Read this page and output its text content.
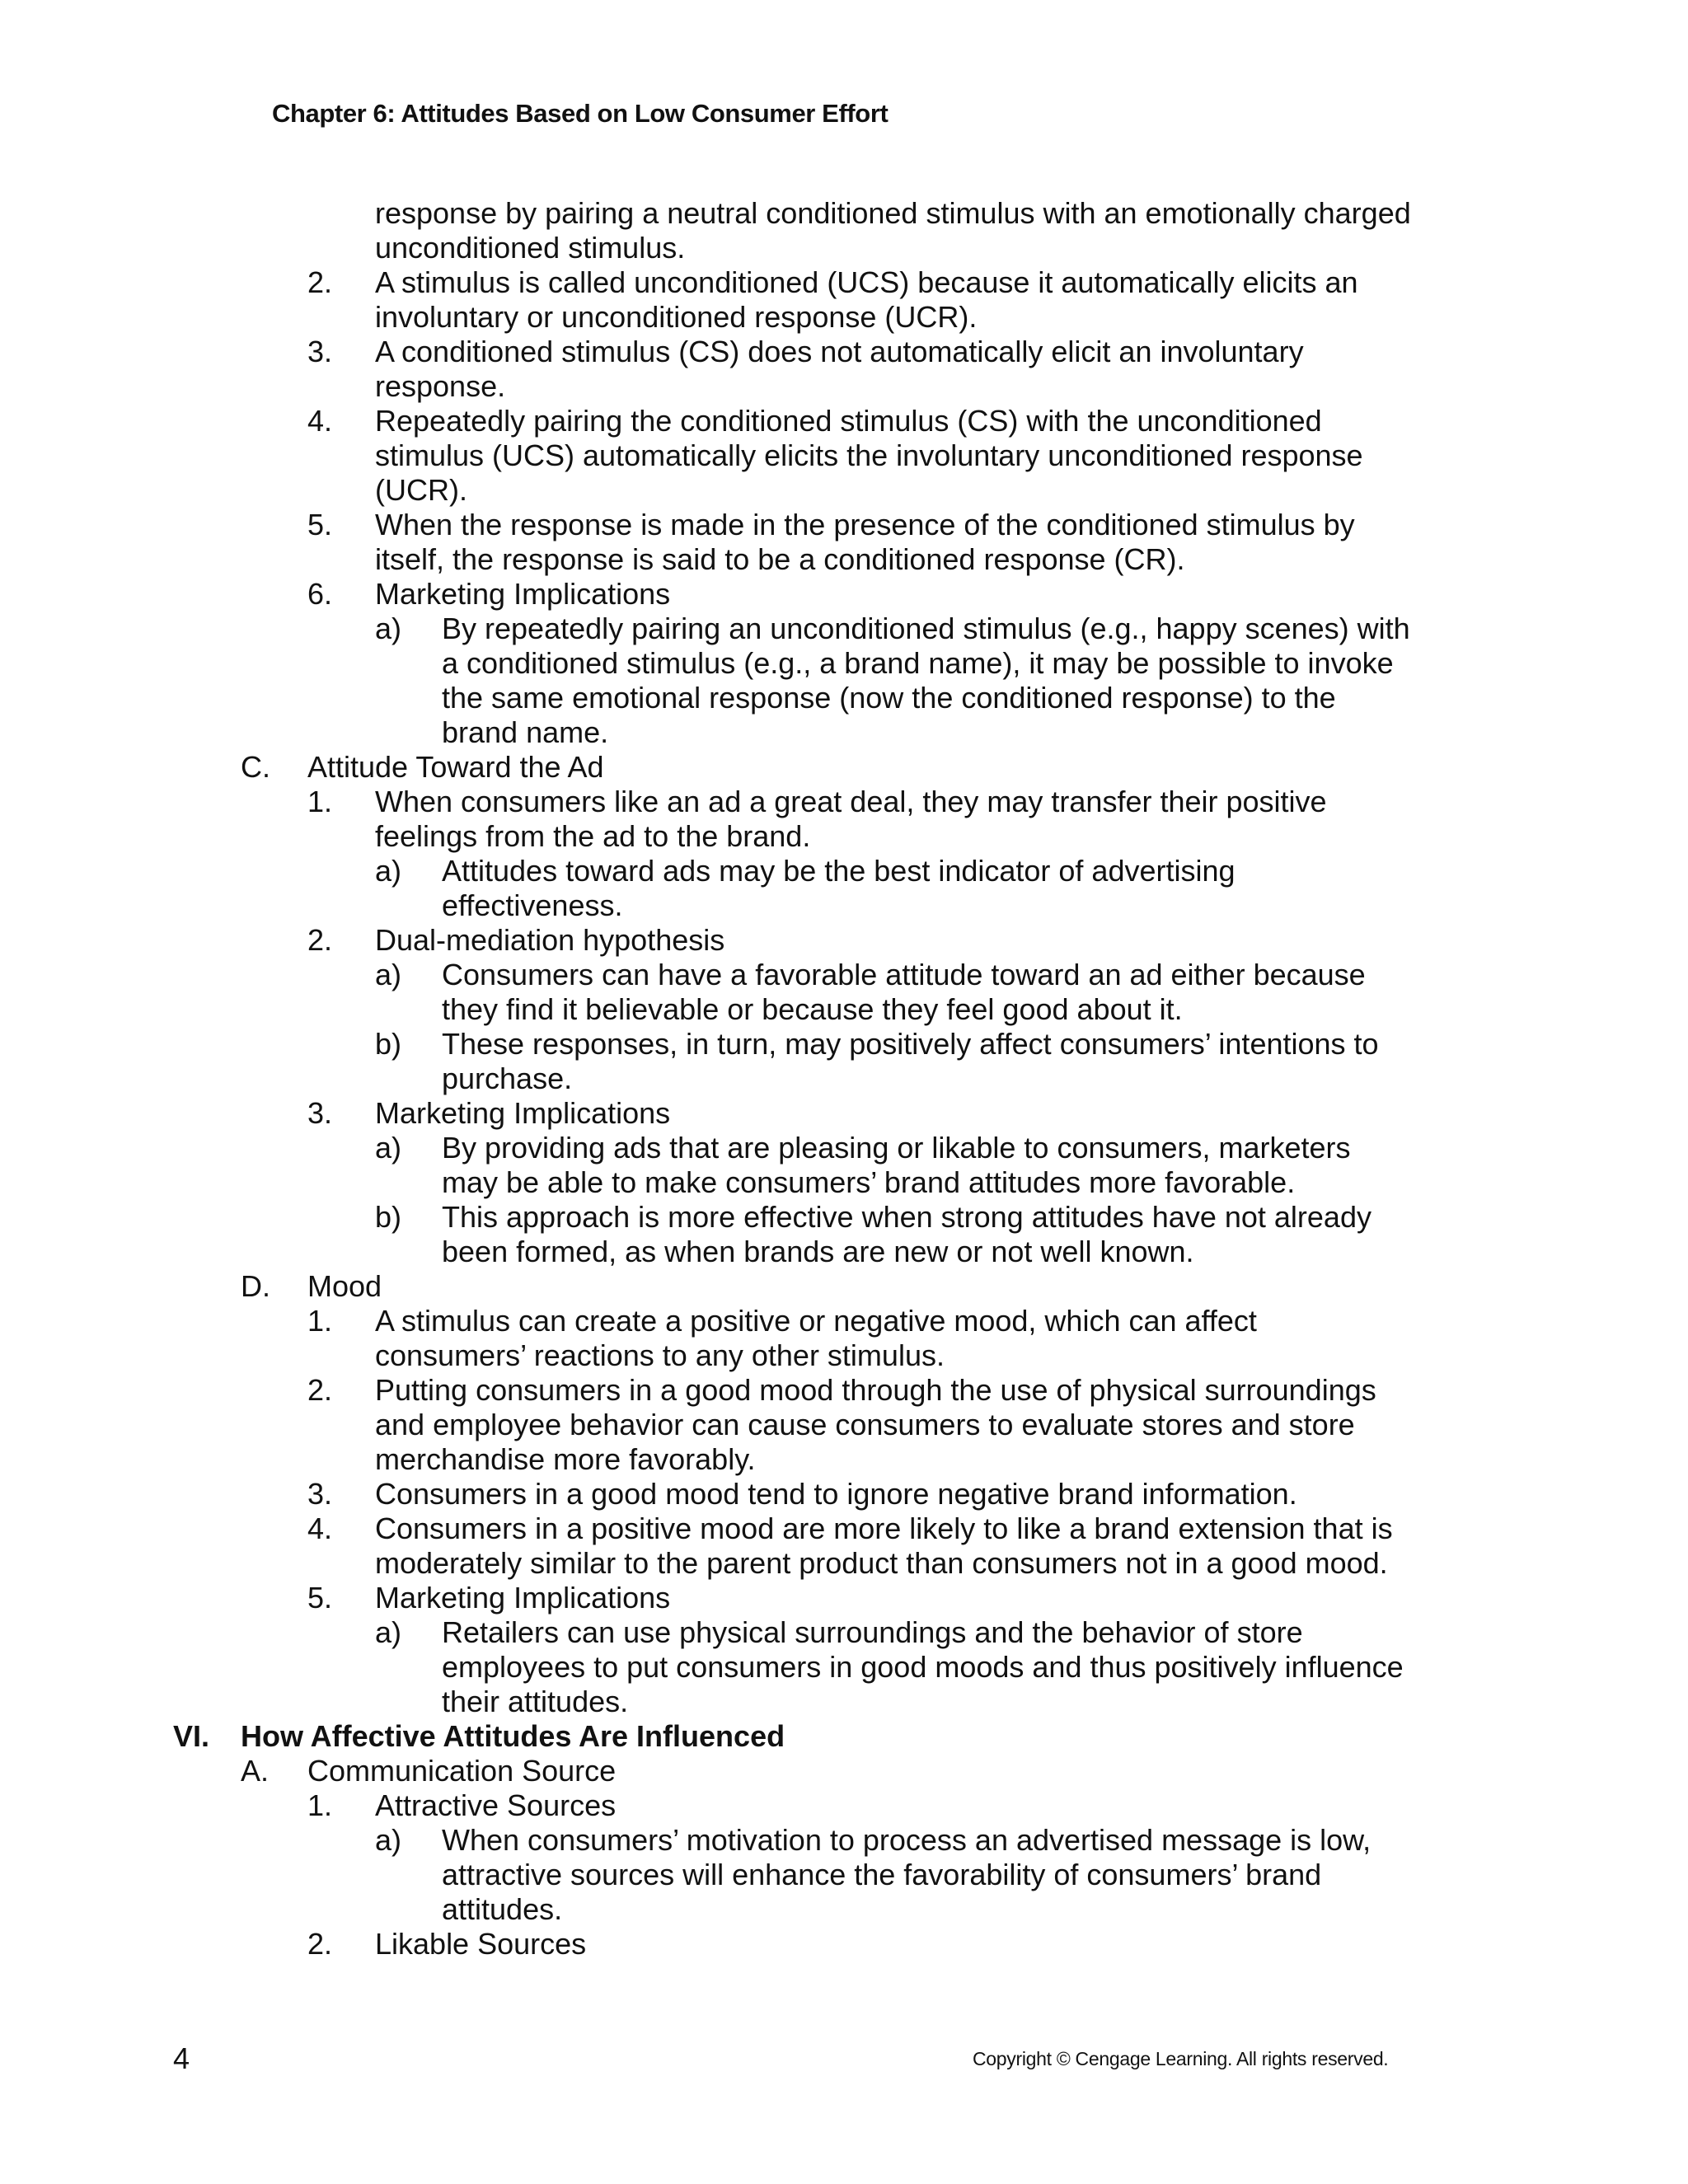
Chapter 6: Attitudes Based on Low Consumer Effort
response by pairing a neutral conditioned stimulus with an emotionally charged
unconditioned stimulus.
2. A stimulus is called unconditioned (UCS) because it automatically elicits an
involuntary or unconditioned response (UCR).
3. A conditioned stimulus (CS) does not automatically elicit an involuntary
response.
4. Repeatedly pairing the conditioned stimulus (CS) with the unconditioned
stimulus (UCS) automatically elicits the involuntary unconditioned response
(UCR).
5. When the response is made in the presence of the conditioned stimulus by
itself, the response is said to be a conditioned response (CR).
6. Marketing Implications
a) By repeatedly pairing an unconditioned stimulus (e.g., happy scenes) with
a conditioned stimulus (e.g., a brand name), it may be possible to invoke
the same emotional response (now the conditioned response) to the
brand name.
C. Attitude Toward the Ad
1. When consumers like an ad a great deal, they may transfer their positive
feelings from the ad to the brand.
a) Attitudes toward ads may be the best indicator of advertising
effectiveness.
2. Dual-mediation hypothesis
a) Consumers can have a favorable attitude toward an ad either because
they find it believable or because they feel good about it.
b) These responses, in turn, may positively affect consumers’ intentions to
purchase.
3. Marketing Implications
a) By providing ads that are pleasing or likable to consumers, marketers
may be able to make consumers’ brand attitudes more favorable.
b) This approach is more effective when strong attitudes have not already
been formed, as when brands are new or not well known.
D. Mood
1. A stimulus can create a positive or negative mood, which can affect
consumers’ reactions to any other stimulus.
2. Putting consumers in a good mood through the use of physical surroundings
and employee behavior can cause consumers to evaluate stores and store
merchandise more favorably.
3. Consumers in a good mood tend to ignore negative brand information.
4. Consumers in a positive mood are more likely to like a brand extension that is
moderately similar to the parent product than consumers not in a good mood.
5. Marketing Implications
a) Retailers can use physical surroundings and the behavior of store
employees to put consumers in good moods and thus positively influence
their attitudes.
VI. How Affective Attitudes Are Influenced
A. Communication Source
1. Attractive Sources
a) When consumers’ motivation to process an advertised message is low,
attractive sources will enhance the favorability of consumers’ brand
attitudes.
2. Likable Sources
4	Copyright © Cengage Learning. All rights reserved.
